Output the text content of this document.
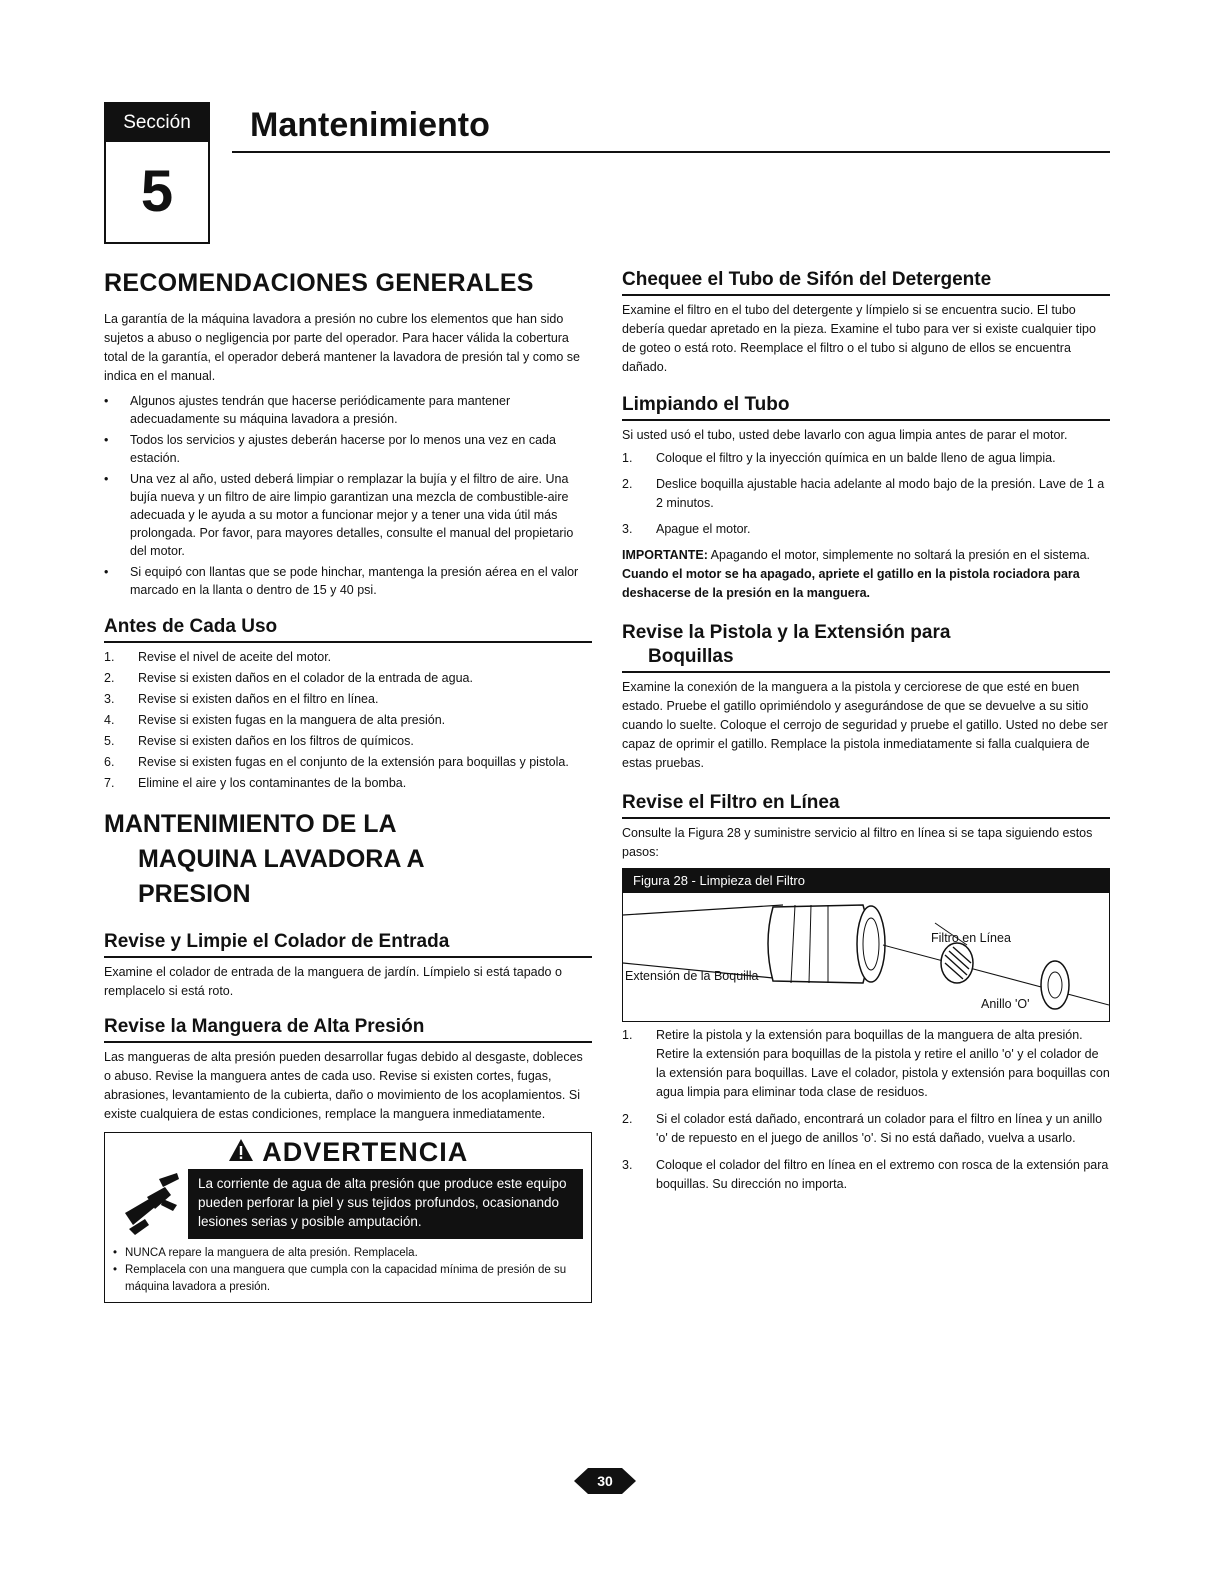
Sección
5
Mantenimiento
RECOMENDACIONES GENERALES

La garantía de la máquina lavadora a presión no cubre los elementos que han sido sujetos a abuso o negligencia por parte del operador. Para hacer válida la cobertura total de la garantía, el operador deberá mantener la lavadora de presión tal y como se indica en el manual.

• Algunos ajustes tendrán que hacerse periódicamente para mantener adecuadamente su máquina lavadora a presión.
• Todos los servicios y ajustes deberán hacerse por lo menos una vez en cada estación.
• Una vez al año, usted deberá limpiar o remplazar la bujía y el filtro de aire. Una bujía nueva y un filtro de aire limpio garantizan una mezcla de combustible-aire adecuada y le ayuda a su motor a funcionar mejor y a tener una vida útil más prolongada. Por favor, para mayores detalles, consulte el manual del propietario del motor.
• Si equipó con llantas que se pode hinchar, mantenga la presión aérea en el valor marcado en la llanta o dentro de 15 y 40 psi.
Antes de Cada Uso
1.	Revise el nivel de aceite del motor.
2.	Revise si existen daños en el colador de la entrada de agua.
3.	Revise si existen daños en el filtro en línea.
4.	Revise si existen fugas en la manguera de alta presión.
5.	Revise si existen daños en los filtros de químicos.
6.	Revise si existen fugas en el conjunto de la extensión para boquillas y pistola.
7.	Elimine el aire y los contaminantes de la bomba.
MANTENIMIENTO DE LA
MAQUINA LAVADORA A
PRESION
Revise y Limpie el Colador de Entrada

Examine el colador de entrada de la manguera de jardín. Límpielo si está tapado o remplacelo si está roto.

Revise la Manguera de Alta Presión

Las mangueras de alta presión pueden desarrollar fugas debido al desgaste, dobleces o abuso. Revise la manguera antes de cada uso. Revise si existen cortes, fugas, abrasiones, levantamiento de la cubierta, daño o movimiento de los acoplamientos. Si existe cualquiera de estas condiciones, remplace la manguera inmediatamente.

ADVERTENCIA
La corriente de agua de alta presión que produce este equipo pueden perforar la piel y sus tejidos profundos, ocasionando lesiones serias y posible amputación.
• NUNCA repare la manguera de alta presión. Remplacela.
• Remplacela con una manguera que cumpla con la capacidad mínima de presión de su máquina lavadora a presión.
Chequee el Tubo de Sifón del Detergente

Examine el filtro en el tubo del detergente y límpielo si se encuentra sucio. El tubo debería quedar apretado en la pieza. Examine el tubo para ver si existe cualquier tipo de goteo o está roto. Reemplace el filtro o el tubo si alguno de ellos se encuentra dañado.

Limpiando el Tubo

Si usted usó el tubo, usted debe lavarlo con agua limpia antes de parar el motor.

1.	Coloque el filtro y la inyección química en un balde lleno de agua limpia.
2.	Deslice boquilla ajustable hacia adelante al modo bajo de la presión. Lave de 1 a 2 minutos.
3.	Apague el motor.

IMPORTANTE: Apagando el motor, simplemente no soltará la presión en el sistema. Cuando el motor se ha apagado, apriete el gatillo en la pistola rociadora para deshacerse de la presión en la manguera.

Revise la Pistola y la Extensión para
Boquillas

Examine la conexión de la manguera a la pistola y cerciorese de que esté en buen estado. Pruebe el gatillo oprimiéndolo y asegurándose de que se devuelve a su sitio cuando lo suelte. Coloque el cerrojo de seguridad y pruebe el gatillo. Usted no debe ser capaz de oprimir el gatillo. Remplace la pistola inmediatamente si falla cualquiera de estas pruebas.

Revise el Filtro en Línea

Consulte la Figura 28 y suministre servicio al filtro en línea si se tapa siguiendo estos pasos:

Figura 28 - Limpieza del Filtro
Filtro en Línea
Extensión de la Boquilla
Anillo 'O'
1.	Retire la pistola y la extensión para boquillas de la manguera de alta presión. Retire la extensión para boquillas de la pistola y retire el anillo 'o' y el colador de la extensión para boquillas. Lave el colador, pistola y extensión para boquillas con agua limpia para eliminar toda clase de residuos.
2.	Si el colador está dañado, encontrará un colador para el filtro en línea y un anillo 'o' de repuesto en el juego de anillos 'o'. Si no está dañado, vuelva a usarlo.
3.	Coloque el colador del filtro en línea en el extremo con rosca de la extensión para boquillas. Su dirección no importa.
30
